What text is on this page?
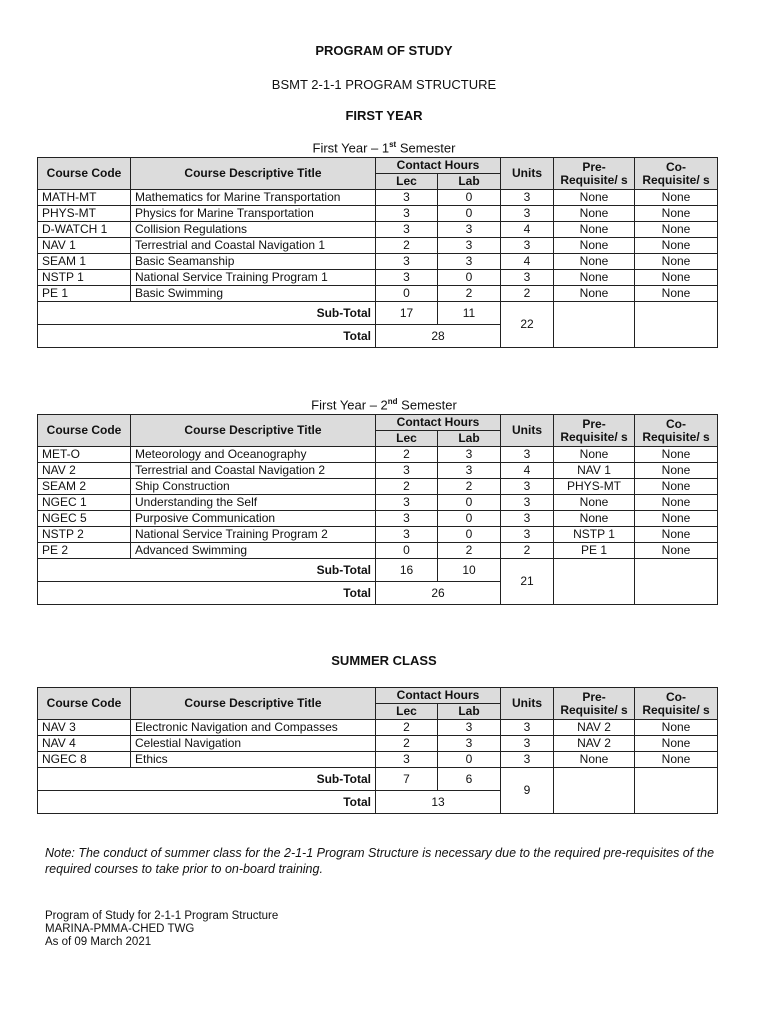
PROGRAM OF STUDY
BSMT 2-1-1 PROGRAM STRUCTURE
FIRST YEAR
First Year – 1st Semester
Course Code	Course Descriptive Title	Contact Hours		Units	Pre-Requisite/ s	Co-Requisite/ s
		Lec	Lab			
MATH-MT	Mathematics for Marine Transportation	3	0	3	None	None
PHYS-MT	Physics for Marine Transportation	3	0	3	None	None
D-WATCH 1	Collision Regulations	3	3	4	None	None
NAV 1	Terrestrial and Coastal Navigation 1	2	3	3	None	None
SEAM 1	Basic Seamanship	3	3	4	None	None
NSTP 1	National Service Training Program 1	3	0	3	None	None
PE 1	Basic Swimming	0	2	2	None	None
Sub-Total		17	11	22		
Total		28				
First Year – 2nd Semester
Course Code	Course Descriptive Title	Contact Hours		Units	Pre-Requisite/ s	Co-Requisite/ s
		Lec	Lab			
MET-O	Meteorology and Oceanography	2	3	3	None	None
NAV 2	Terrestrial and Coastal Navigation 2	3	3	4	NAV 1	None
SEAM 2	Ship Construction	2	2	3	PHYS-MT	None
NGEC 1	Understanding the Self	3	0	3	None	None
NGEC 5	Purposive Communication	3	0	3	None	None
NSTP 2	National Service Training Program 2	3	0	3	NSTP 1	None
PE 2	Advanced Swimming	0	2	2	PE 1	None
Sub-Total		16	10	21		
Total		26				
SUMMER CLASS
Course Code	Course Descriptive Title	Contact Hours		Units	Pre-Requisite/ s	Co-Requisite/ s
		Lec	Lab			
NAV 3	Electronic Navigation and Compasses	2	3	3	NAV 2	None
NAV 4	Celestial Navigation	2	3	3	NAV 2	None
NGEC 8	Ethics	3	0	3	None	None
Sub-Total		7	6	9		
Total		13				
Note: The conduct of summer class for the 2-1-1 Program Structure is necessary due to the required pre-requisites of the required courses to take prior to on-board training.
Program of Study for 2-1-1 Program Structure
MARINA-PMMA-CHED TWG
As of 09 March 2021
